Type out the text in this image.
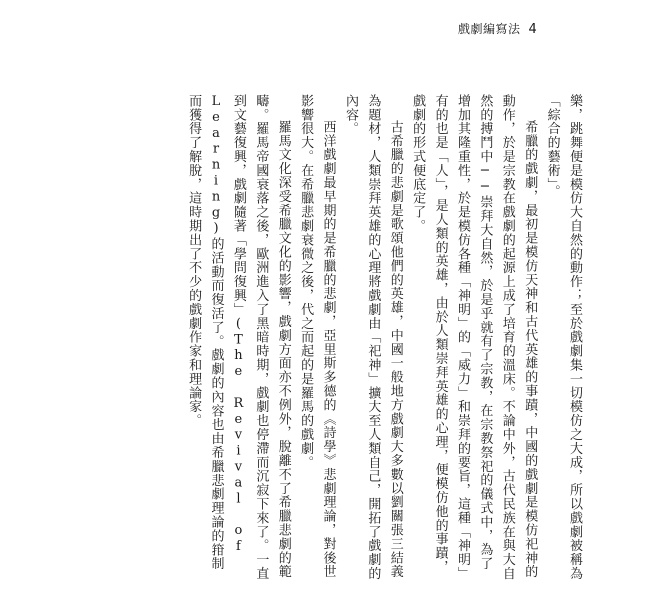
戲劇編寫法 4

樂，跳舞便是模仿大自然的動作；至於戲劇集一切模仿之大成，所以戲劇被稱為「綜合的藝術」。

希臘的戲劇，最初是模仿天神和古代英雄的事蹟，中國的戲劇是模仿祀神的動作，於是宗教在戲劇的起源上成了培育的溫床。不論中外，古代民族在與大自然的搏鬥中──崇拜大自然，於是乎就有了宗教，在宗教祭祀的儀式中，為了增加其隆重性，於是模仿各種「神明」的「威力」和崇拜的要旨，這種「神明」有的也是「人」，是人類的英雄，由於人類崇拜英雄的心理，便模仿他的事蹟，戲劇的形式便底定了。

古希臘的悲劇是歌頌他們的英雄，中國一般地方戲劇大多數以劉關張三結義為題材，人類崇拜英雄的心理將戲劇由「祀神」擴大至人類自己，開拓了戲劇的內容。

西洋戲劇最早期的是希臘的悲劇，亞里斯多德的《詩學》悲劇理論，對後世影響很大。在希臘悲劇衰微之後，代之而起的是羅馬的戲劇。

羅馬文化深受希臘文化的影響，戲劇方面亦不例外，脫離不了希臘悲劇的範疇。羅馬帝國衰落之後，歐洲進入了黑暗時期，戲劇也停滯而沉寂下來了。一直到文藝復興，戲劇隨著「學問復興」(The Revival of Learning)的活動而復活了。戲劇的內容也由希臘悲劇理論的箝制而獲得了解脫，這時期出了不少的戲劇作家和理論家。
